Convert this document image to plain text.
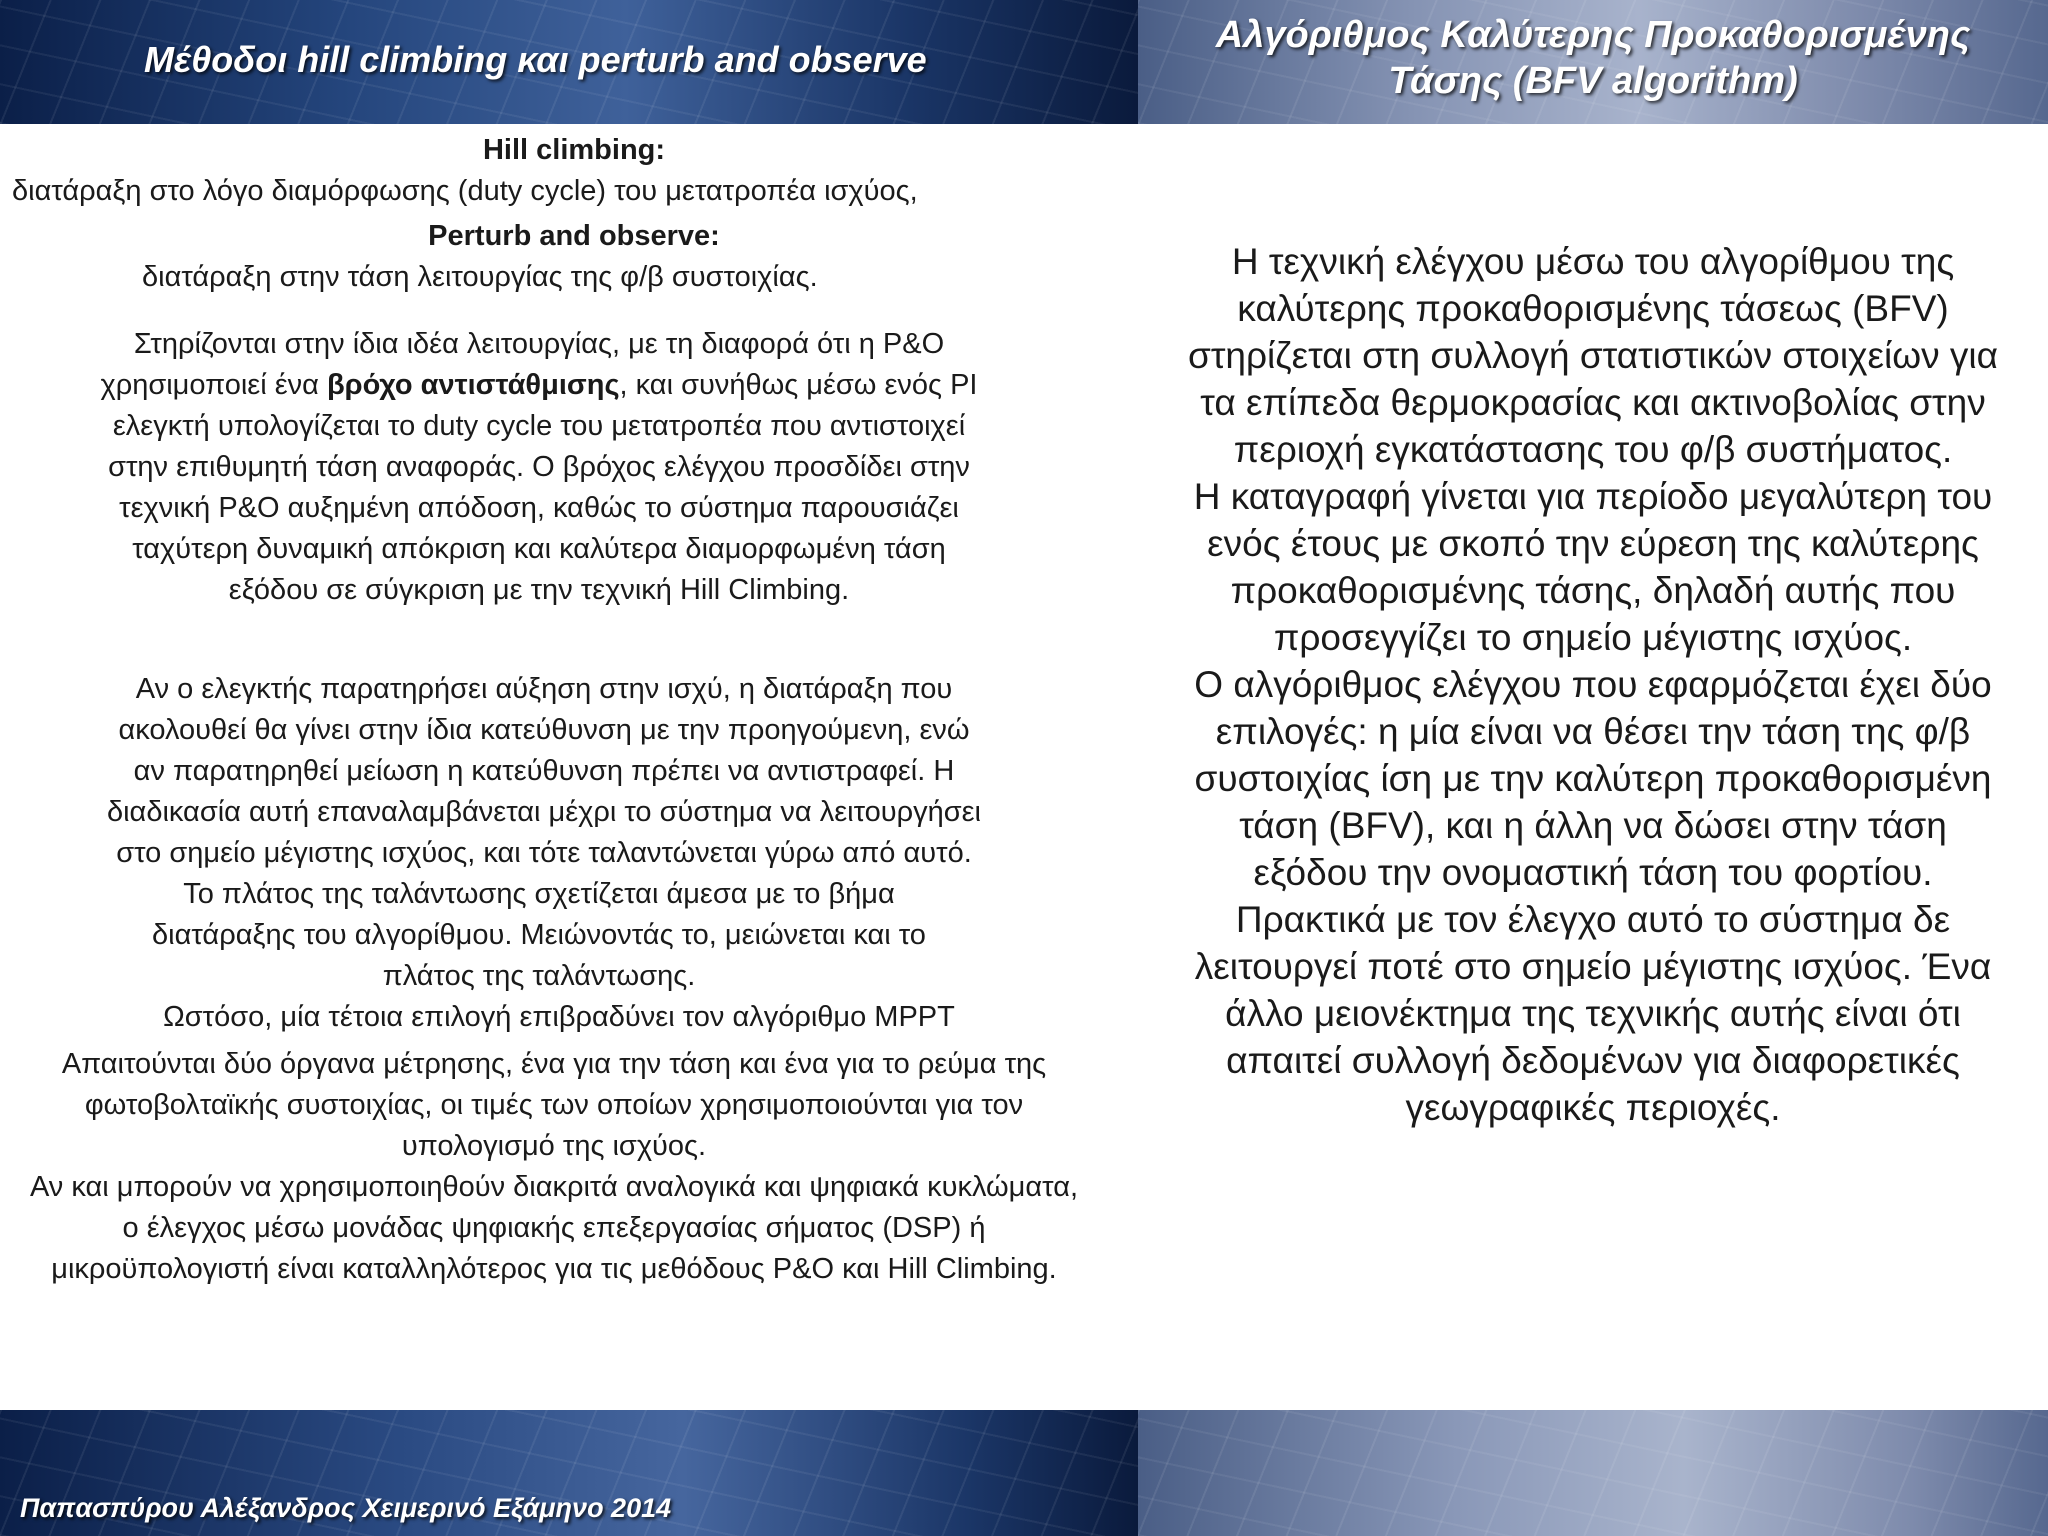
Μέθοδοι hill climbing και perturb and observe

Hill climbing:

διατάραξη στο λόγο διαμόρφωσης (duty cycle) του μετατροπέα ισχύος,

Perturb and observe:

διατάραξη στην τάση λειτουργίας της φ/β συστοιχίας.

Στηρίζονται στην ίδια ιδέα λειτουργίας, με τη διαφορά ότι η P&O χρησιμοποιεί ένα βρόχο αντιστάθμισης, και συνήθως μέσω ενός PI ελεγκτή υπολογίζεται το duty cycle του μετατροπέα που αντιστοιχεί στην επιθυμητή τάση αναφοράς. Ο βρόχος ελέγχου προσδίδει στην τεχνική P&O αυξημένη απόδοση, καθώς το σύστημα παρουσιάζει ταχύτερη δυναμική απόκριση και καλύτερα διαμορφωμένη τάση εξόδου σε σύγκριση με την τεχνική Hill Climbing.

Αν ο ελεγκτής παρατηρήσει αύξηση στην ισχύ, η διατάραξη που ακολουθεί θα γίνει στην ίδια κατεύθυνση με την προηγούμενη, ενώ αν παρατηρηθεί μείωση η κατεύθυνση πρέπει να αντιστραφεί. Η διαδικασία αυτή επαναλαμβάνεται μέχρι το σύστημα να λειτουργήσει στο σημείο μέγιστης ισχύος, και τότε ταλαντώνεται γύρω από αυτό.

Το πλάτος της ταλάντωσης σχετίζεται άμεσα με το βήμα διατάραξης του αλγορίθμου. Μειώνοντάς το, μειώνεται και το πλάτος της ταλάντωσης.

Ωστόσο, μία τέτοια επιλογή επιβραδύνει τον αλγόριθμο MPPT

Απαιτούνται δύο όργανα μέτρησης, ένα για την τάση και ένα για το ρεύμα της φωτοβολταϊκής συστοιχίας, οι τιμές των οποίων χρησιμοποιούνται για τον υπολογισμό της ισχύος.

Αν και μπορούν να χρησιμοποιηθούν διακριτά αναλογικά και ψηφιακά κυκλώματα, ο έλεγχος μέσω μονάδας ψηφιακής επεξεργασίας σήματος (DSP) ή μικροϋπολογιστή είναι καταλληλότερος για τις μεθόδους P&O και Hill Climbing.

Παπασπύρου Αλέξανδρος Χειμερινό Εξάμηνο 2014
Αλγόριθμος Καλύτερης Προκαθορισμένης
Τάσης (BFV algorithm)

Η τεχνική ελέγχου μέσω του αλγορίθμου της καλύτερης προκαθορισμένης τάσεως (BFV) στηρίζεται στη συλλογή στατιστικών στοιχείων για τα επίπεδα θερμοκρασίας και ακτινοβολίας στην περιοχή εγκατάστασης του φ/β συστήματος.

Η καταγραφή γίνεται για περίοδο μεγαλύτερη του ενός έτους με σκοπό την εύρεση της καλύτερης προκαθορισμένης τάσης, δηλαδή αυτής που προσεγγίζει το σημείο μέγιστης ισχύος.

Ο αλγόριθμος ελέγχου που εφαρμόζεται έχει δύο επιλογές: η μία είναι να θέσει την τάση της φ/β συστοιχίας ίση με την καλύτερη προκαθορισμένη τάση (BFV), και η άλλη να δώσει στην τάση εξόδου την ονομαστική τάση του φορτίου. Πρακτικά με τον έλεγχο αυτό το σύστημα δε λειτουργεί ποτέ στο σημείο μέγιστης ισχύος. Ένα άλλο μειονέκτημα της τεχνικής αυτής είναι ότι απαιτεί συλλογή δεδομένων για διαφορετικές γεωγραφικές περιοχές.
